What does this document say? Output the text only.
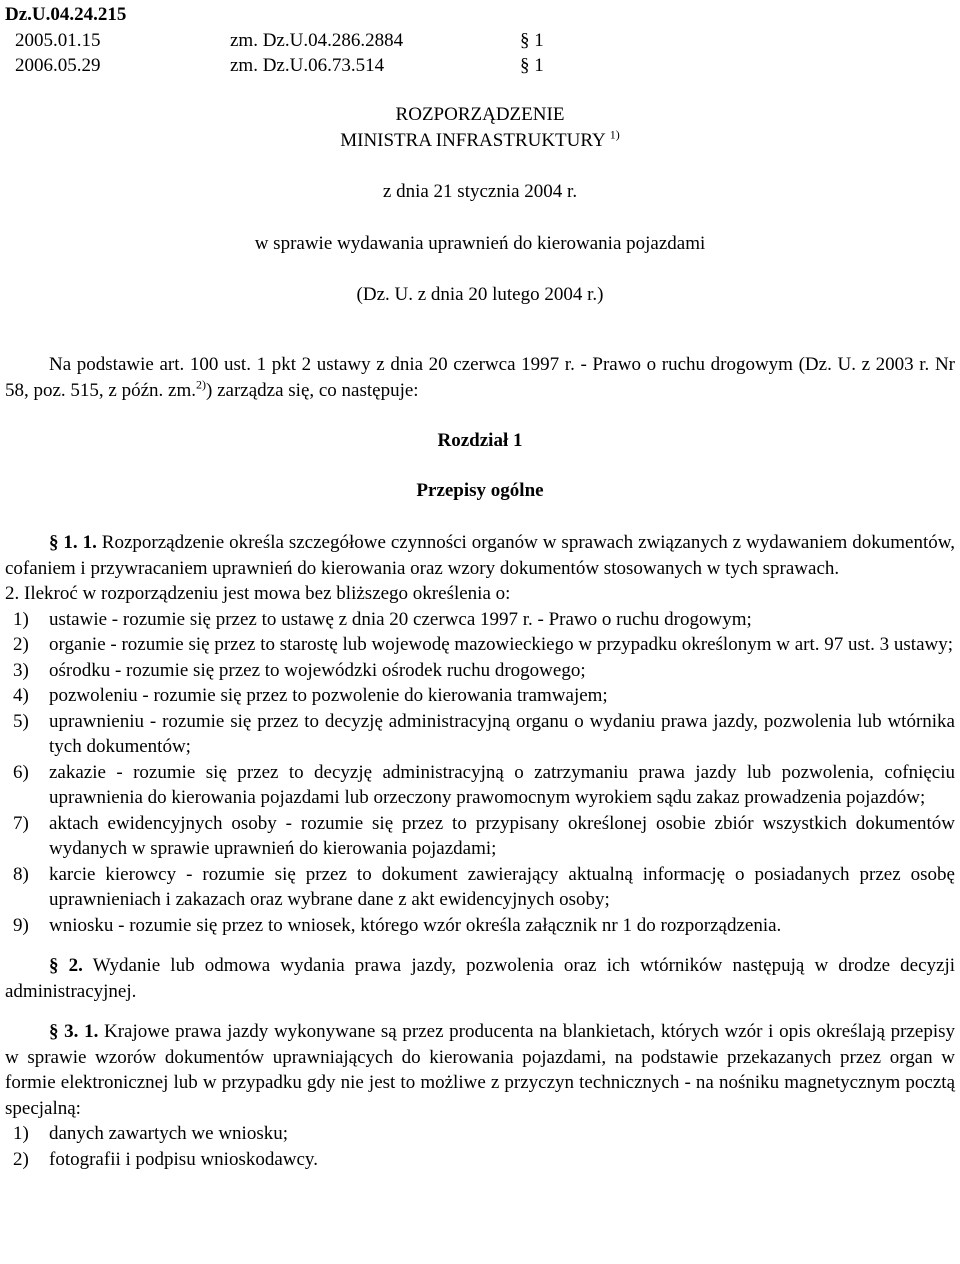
Dz.U.04.24.215
2005.01.15	zm. Dz.U.04.286.2884	§ 1
2006.05.29	zm. Dz.U.06.73.514	§ 1

ROZPORZĄDZENIE

MINISTRA INFRASTRUKTURY $^{1)}$

z dnia 21 stycznia 2004 r.

w sprawie wydawania uprawnień do kierowania pojazdami

(Dz. U. z dnia 20 lutego 2004 r.)

Na podstawie art. 100 ust. 1 pkt 2 ustawy z dnia 20 czerwca 1997 r. - Prawo o ruchu drogowym (Dz. U. z 2003 r. Nr 58, poz. 515, z późn. zm.$^{2)}$) zarządza się, co następuje:

Rozdział 1
Przepisy ogólne

§ 1. 1. Rozporządzenie określa szczegółowe czynności organów w sprawach związanych z wydawaniem dokumentów, cofaniem i przywracaniem uprawnień do kierowania oraz wzory dokumentów stosowanych w tych sprawach.

2. Ilekroć w rozporządzeniu jest mowa bez bliższego określenia o:

1) ustawie - rozumie się przez to ustawę z dnia 20 czerwca 1997 r. - Prawo o ruchu drogowym;
2) organie - rozumie się przez to starostę lub wojewodę mazowieckiego w przypadku określonym w art. 97 ust. 3 ustawy;
3) ośrodku - rozumie się przez to wojewódzki ośrodek ruchu drogowego;
4) pozwoleniu - rozumie się przez to pozwolenie do kierowania tramwajem;
5) uprawnieniu - rozumie się przez to decyzję administracyjną organu o wydaniu prawa jazdy, pozwolenia lub wtórnika tych dokumentów;
6) zakazie - rozumie się przez to decyzję administracyjną o zatrzymaniu prawa jazdy lub pozwolenia, cofnięciu uprawnienia do kierowania pojazdami lub orzeczony prawomocnym wyrokiem sądu zakaz prowadzenia pojazdów;
7) aktach ewidencyjnych osoby - rozumie się przez to przypisany określonej osobie zbiór wszystkich dokumentów wydanych w sprawie uprawnień do kierowania pojazdami;
8) karcie kierowcy - rozumie się przez to dokument zawierający aktualną informację o posiadanych przez osobę uprawnieniach i zakazach oraz wybrane dane z akt ewidencyjnych osoby;
9) wniosku - rozumie się przez to wniosek, którego wzór określa załącznik nr 1 do rozporządzenia.

§ 2. Wydanie lub odmowa wydania prawa jazdy, pozwolenia oraz ich wtórników następują w drodze decyzji administracyjnej.

§ 3. 1. Krajowe prawa jazdy wykonywane są przez producenta na blankietach, których wzór i opis określają przepisy w sprawie wzorów dokumentów uprawniających do kierowania pojazdami, na podstawie przekazanych przez organ w formie elektronicznej lub w przypadku gdy nie jest to możliwe z przyczyn technicznych - na nośniku magnetycznym pocztą specjalną:

1) danych zawartych we wniosku;
2) fotografii i podpisu wnioskodawcy.
